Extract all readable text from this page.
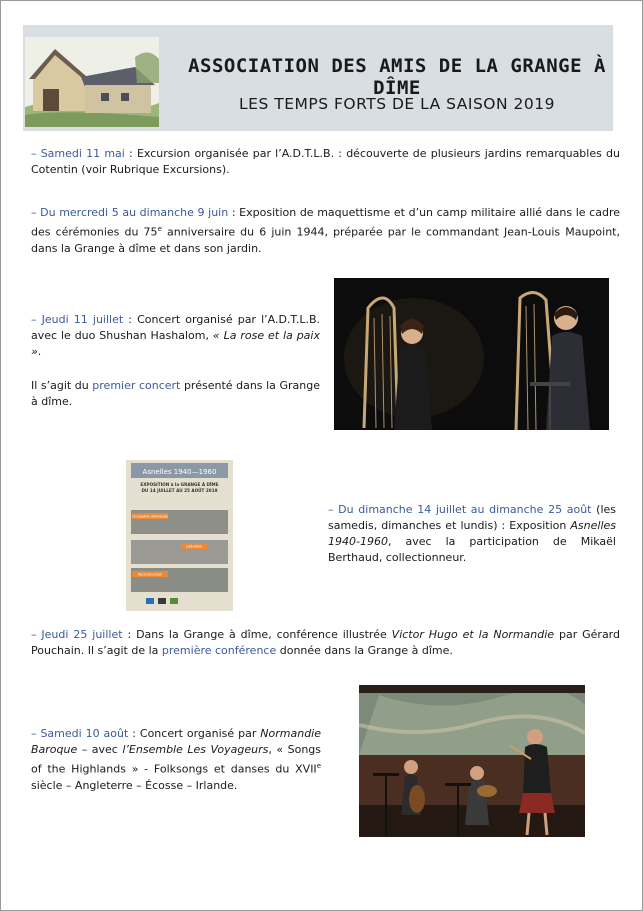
ASSOCIATION DES AMIS DE LA GRANGE À DÎME
LES TEMPS FORTS DE LA SAISON 2019
– Samedi 11 mai : Excursion organisée par l’A.D.T.L.B. : découverte de plusieurs jardins remarquables du Cotentin (voir Rubrique Excursions).
– Du mercredi 5 au dimanche 9 juin : Exposition de maquettisme et d’un camp militaire allié dans le cadre des cérémonies du 75e anniversaire du 6 juin 1944, préparée par le commandant Jean-Louis Maupoint, dans la Grange à dîme et dans son jardin.
– Jeudi 11 juillet : Concert organisé par l’A.D.T.L.B. avec le duo Shushan Hashalom, « La rose et la paix ».
Il s’agit du premier concert présenté dans la Grange à dîme.
Asnelles 1940—1960
EXPOSITION à la GRANGE À DÎME
DU 14 JUILLET AU 25 AOÛT 2019
Occupation allemande
Libération
Reconstruction
– Du dimanche 14 juillet au dimanche 25 août (les samedis, dimanches et lundis) : Exposition Asnelles 1940-1960, avec la participation de Mikaël Berthaud, collectionneur.
– Jeudi 25 juillet : Dans la Grange à dîme, conférence illustrée Victor Hugo et la Normandie par Gérard Pouchain. Il s’agit de la première conférence donnée dans la Grange à dîme.
– Samedi 10 août : Concert organisé par Normandie Baroque – avec l’Ensemble Les Voyageurs, « Songs of the Highlands » - Folksongs et danses du XVIIe siècle – Angleterre – Écosse – Irlande.
